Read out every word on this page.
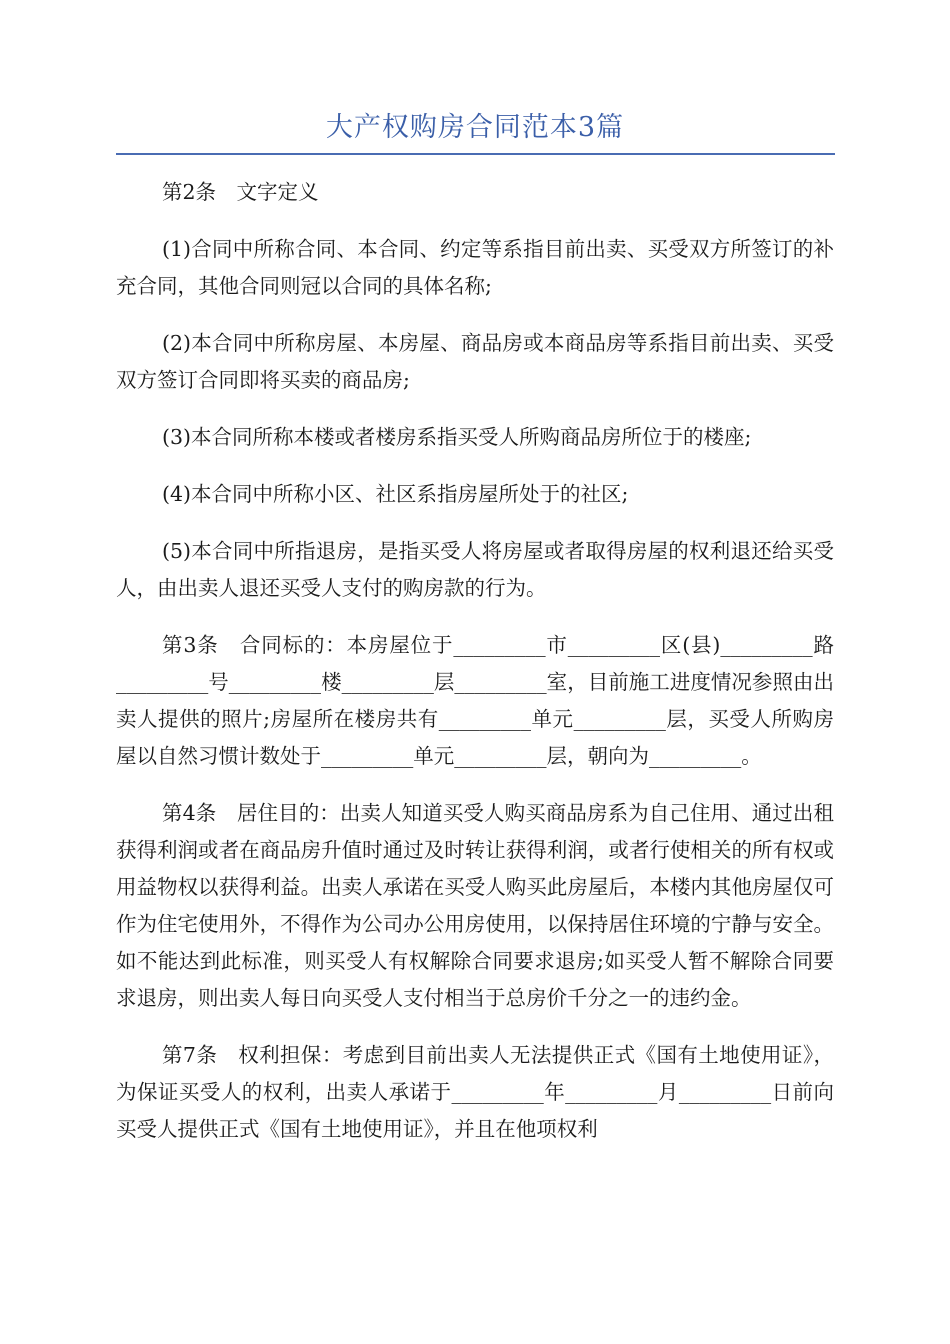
大产权购房合同范本3篇

第2条　文字定义

(1)合同中所称合同、本合同、约定等系指目前出卖、买受双方所签订的补充合同，其他合同则冠以合同的具体名称;

(2)本合同中所称房屋、本房屋、商品房或本商品房等系指目前出卖、买受双方签订合同即将买卖的商品房;

(3)本合同所称本楼或者楼房系指买受人所购商品房所位于的楼座;

(4)本合同中所称小区、社区系指房屋所处于的社区;

(5)本合同中所指退房，是指买受人将房屋或者取得房屋的权利退还给买受人，由出卖人退还买受人支付的购房款的行为。

第3条　合同标的：本房屋位于_________市_________区(县)_________路_________号_________楼_________层_________室，目前施工进度情况参照由出卖人提供的照片;房屋所在楼房共有_________单元_________层，买受人所购房屋以自然习惯计数处于_________单元_________层，朝向为_________。

第4条　居住目的：出卖人知道买受人购买商品房系为自己住用、通过出租获得利润或者在商品房升值时通过及时转让获得利润，或者行使相关的所有权或用益物权以获得利益。出卖人承诺在买受人购买此房屋后，本楼内其他房屋仅可作为住宅使用外，不得作为公司办公用房使用，以保持居住环境的宁静与安全。如不能达到此标准，则买受人有权解除合同要求退房;如买受人暂不解除合同要求退房，则出卖人每日向买受人支付相当于总房价千分之一的违约金。

第7条　权利担保：考虑到目前出卖人无法提供正式《国有土地使用证》，为保证买受人的权利，出卖人承诺于_________年_________月_________日前向买受人提供正式《国有土地使用证》，并且在他项权利
